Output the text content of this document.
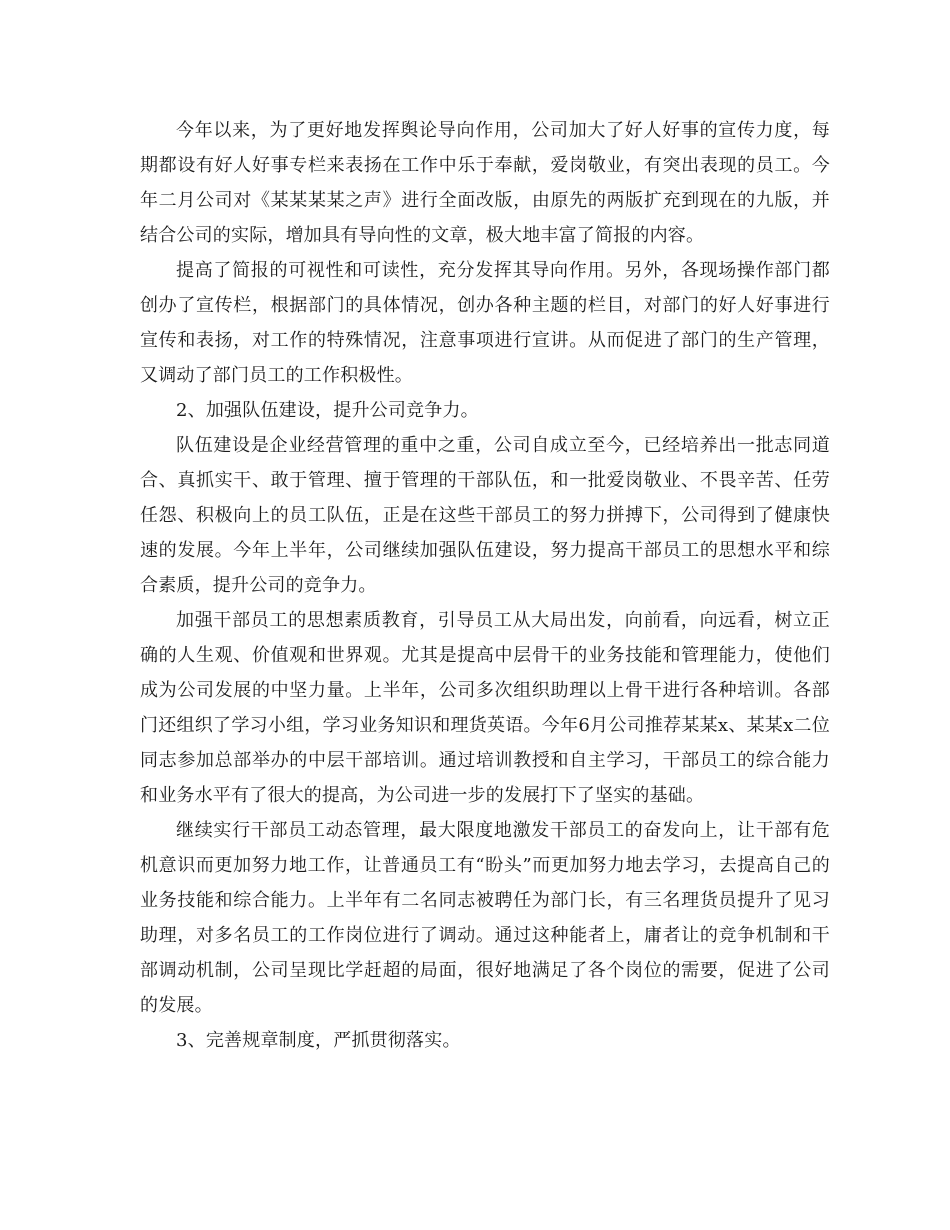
今年以来，为了更好地发挥舆论导向作用，公司加大了好人好事的宣传力度，每期都设有好人好事专栏来表扬在工作中乐于奉献，爱岗敬业，有突出表现的员工。今年二月公司对《某某某某之声》进行全面改版，由原先的两版扩充到现在的九版，并结合公司的实际，增加具有导向性的文章，极大地丰富了简报的内容。

提高了简报的可视性和可读性，充分发挥其导向作用。另外，各现场操作部门都创办了宣传栏，根据部门的具体情况，创办各种主题的栏目，对部门的好人好事进行宣传和表扬，对工作的特殊情况，注意事项进行宣讲。从而促进了部门的生产管理，又调动了部门员工的工作积极性。

2、加强队伍建设，提升公司竞争力。

队伍建设是企业经营管理的重中之重，公司自成立至今，已经培养出一批志同道合、真抓实干、敢于管理、擅于管理的干部队伍，和一批爱岗敬业、不畏辛苦、任劳任怨、积极向上的员工队伍，正是在这些干部员工的努力拼搏下，公司得到了健康快速的发展。今年上半年，公司继续加强队伍建设，努力提高干部员工的思想水平和综合素质，提升公司的竞争力。

加强干部员工的思想素质教育，引导员工从大局出发，向前看，向远看，树立正确的人生观、价值观和世界观。尤其是提高中层骨干的业务技能和管理能力，使他们成为公司发展的中坚力量。上半年，公司多次组织助理以上骨干进行各种培训。各部门还组织了学习小组，学习业务知识和理货英语。今年6月公司推荐某某x、某某x二位同志参加总部举办的中层干部培训。通过培训教授和自主学习，干部员工的综合能力和业务水平有了很大的提高，为公司进一步的发展打下了坚实的基础。

继续实行干部员工动态管理，最大限度地激发干部员工的奋发向上，让干部有危机意识而更加努力地工作，让普通员工有“盼头”而更加努力地去学习，去提高自己的业务技能和综合能力。上半年有二名同志被聘任为部门长，有三名理货员提升了见习助理，对多名员工的工作岗位进行了调动。通过这种能者上，庸者让的竞争机制和干部调动机制，公司呈现比学赶超的局面，很好地满足了各个岗位的需要，促进了公司的发展。

3、完善规章制度，严抓贯彻落实。
